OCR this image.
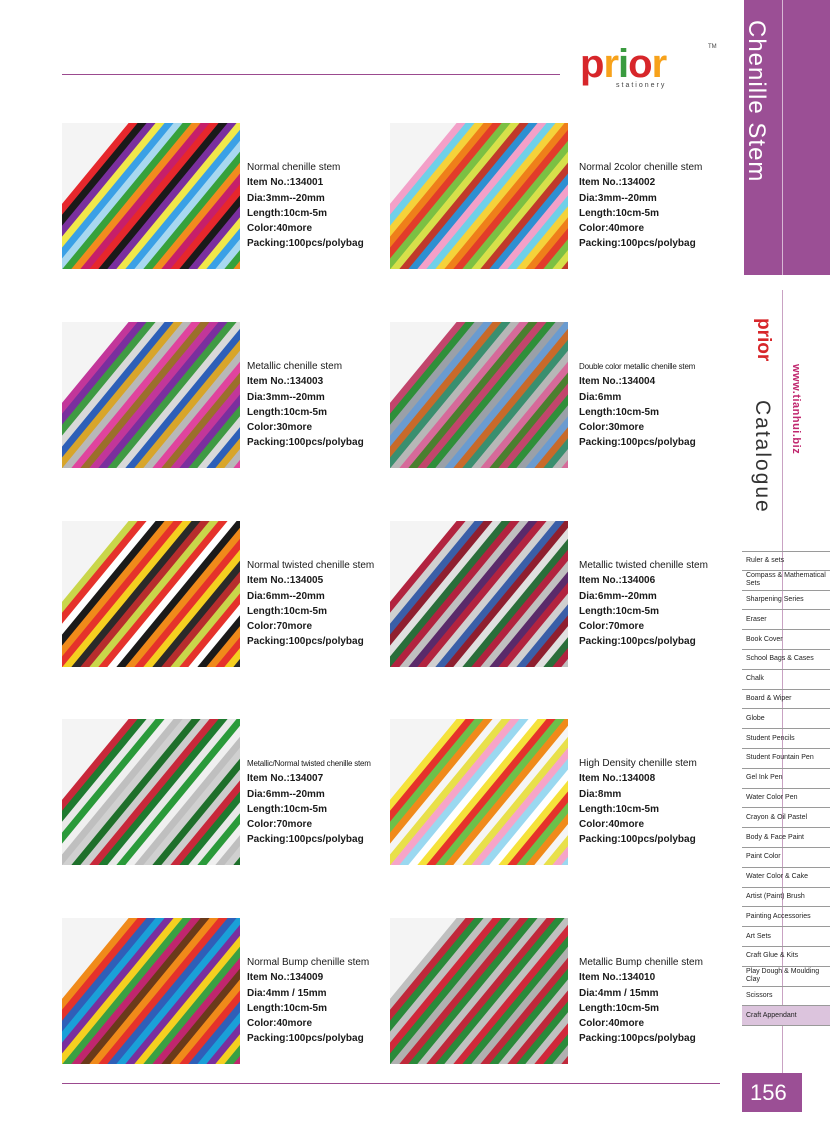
prior
stationery
TM Chenille Stem
prior
Catalogue www.tianhui.biz
Ruler & sets
Compass & Mathematical Sets
Sharpening Series
Eraser
Book Cover
School Bags & Cases
Chalk
Board & Wiper
Globe
Student Pencils
Student Fountain Pen
Gel Ink Pen
Water Color Pen
Crayon & Oil Pastel
Body & Face Paint
Paint Color
Water Color & Cake
Artist (Paint) Brush
Painting Accessories
Art Sets
Craft Glue & Kits
Play Dough & Moulding Clay
Scissors
Craft Appendant
156
Normal chenille stem
Item No.:134001
Dia:3mm--20mm
Length:10cm-5m
Color:40more
Packing:100pcs/polybag
Normal 2color chenille stem
Item No.:134002
Dia:3mm--20mm
Length:10cm-5m
Color:40more
Packing:100pcs/polybag
Metallic chenille stem
Item No.:134003
Dia:3mm--20mm
Length:10cm-5m
Color:30more
Packing:100pcs/polybag
Double color metallic chenille stem
Item No.:134004
Dia:6mm
Length:10cm-5m
Color:30more
Packing:100pcs/polybag
Normal twisted chenille stem
Item No.:134005
Dia:6mm--20mm
Length:10cm-5m
Color:70more
Packing:100pcs/polybag
Metallic twisted chenille stem
Item No.:134006
Dia:6mm--20mm
Length:10cm-5m
Color:70more
Packing:100pcs/polybag
Metallic/Normal twisted chenille stem
Item No.:134007
Dia:6mm--20mm
Length:10cm-5m
Color:70more
Packing:100pcs/polybag
High Density chenille stem
Item No.:134008
Dia:8mm
Length:10cm-5m
Color:40more
Packing:100pcs/polybag
Normal Bump chenille stem
Item No.:134009
Dia:4mm / 15mm
Length:10cm-5m
Color:40more
Packing:100pcs/polybag
Metallic Bump chenille stem
Item No.:134010
Dia:4mm / 15mm
Length:10cm-5m
Color:40more
Packing:100pcs/polybag
